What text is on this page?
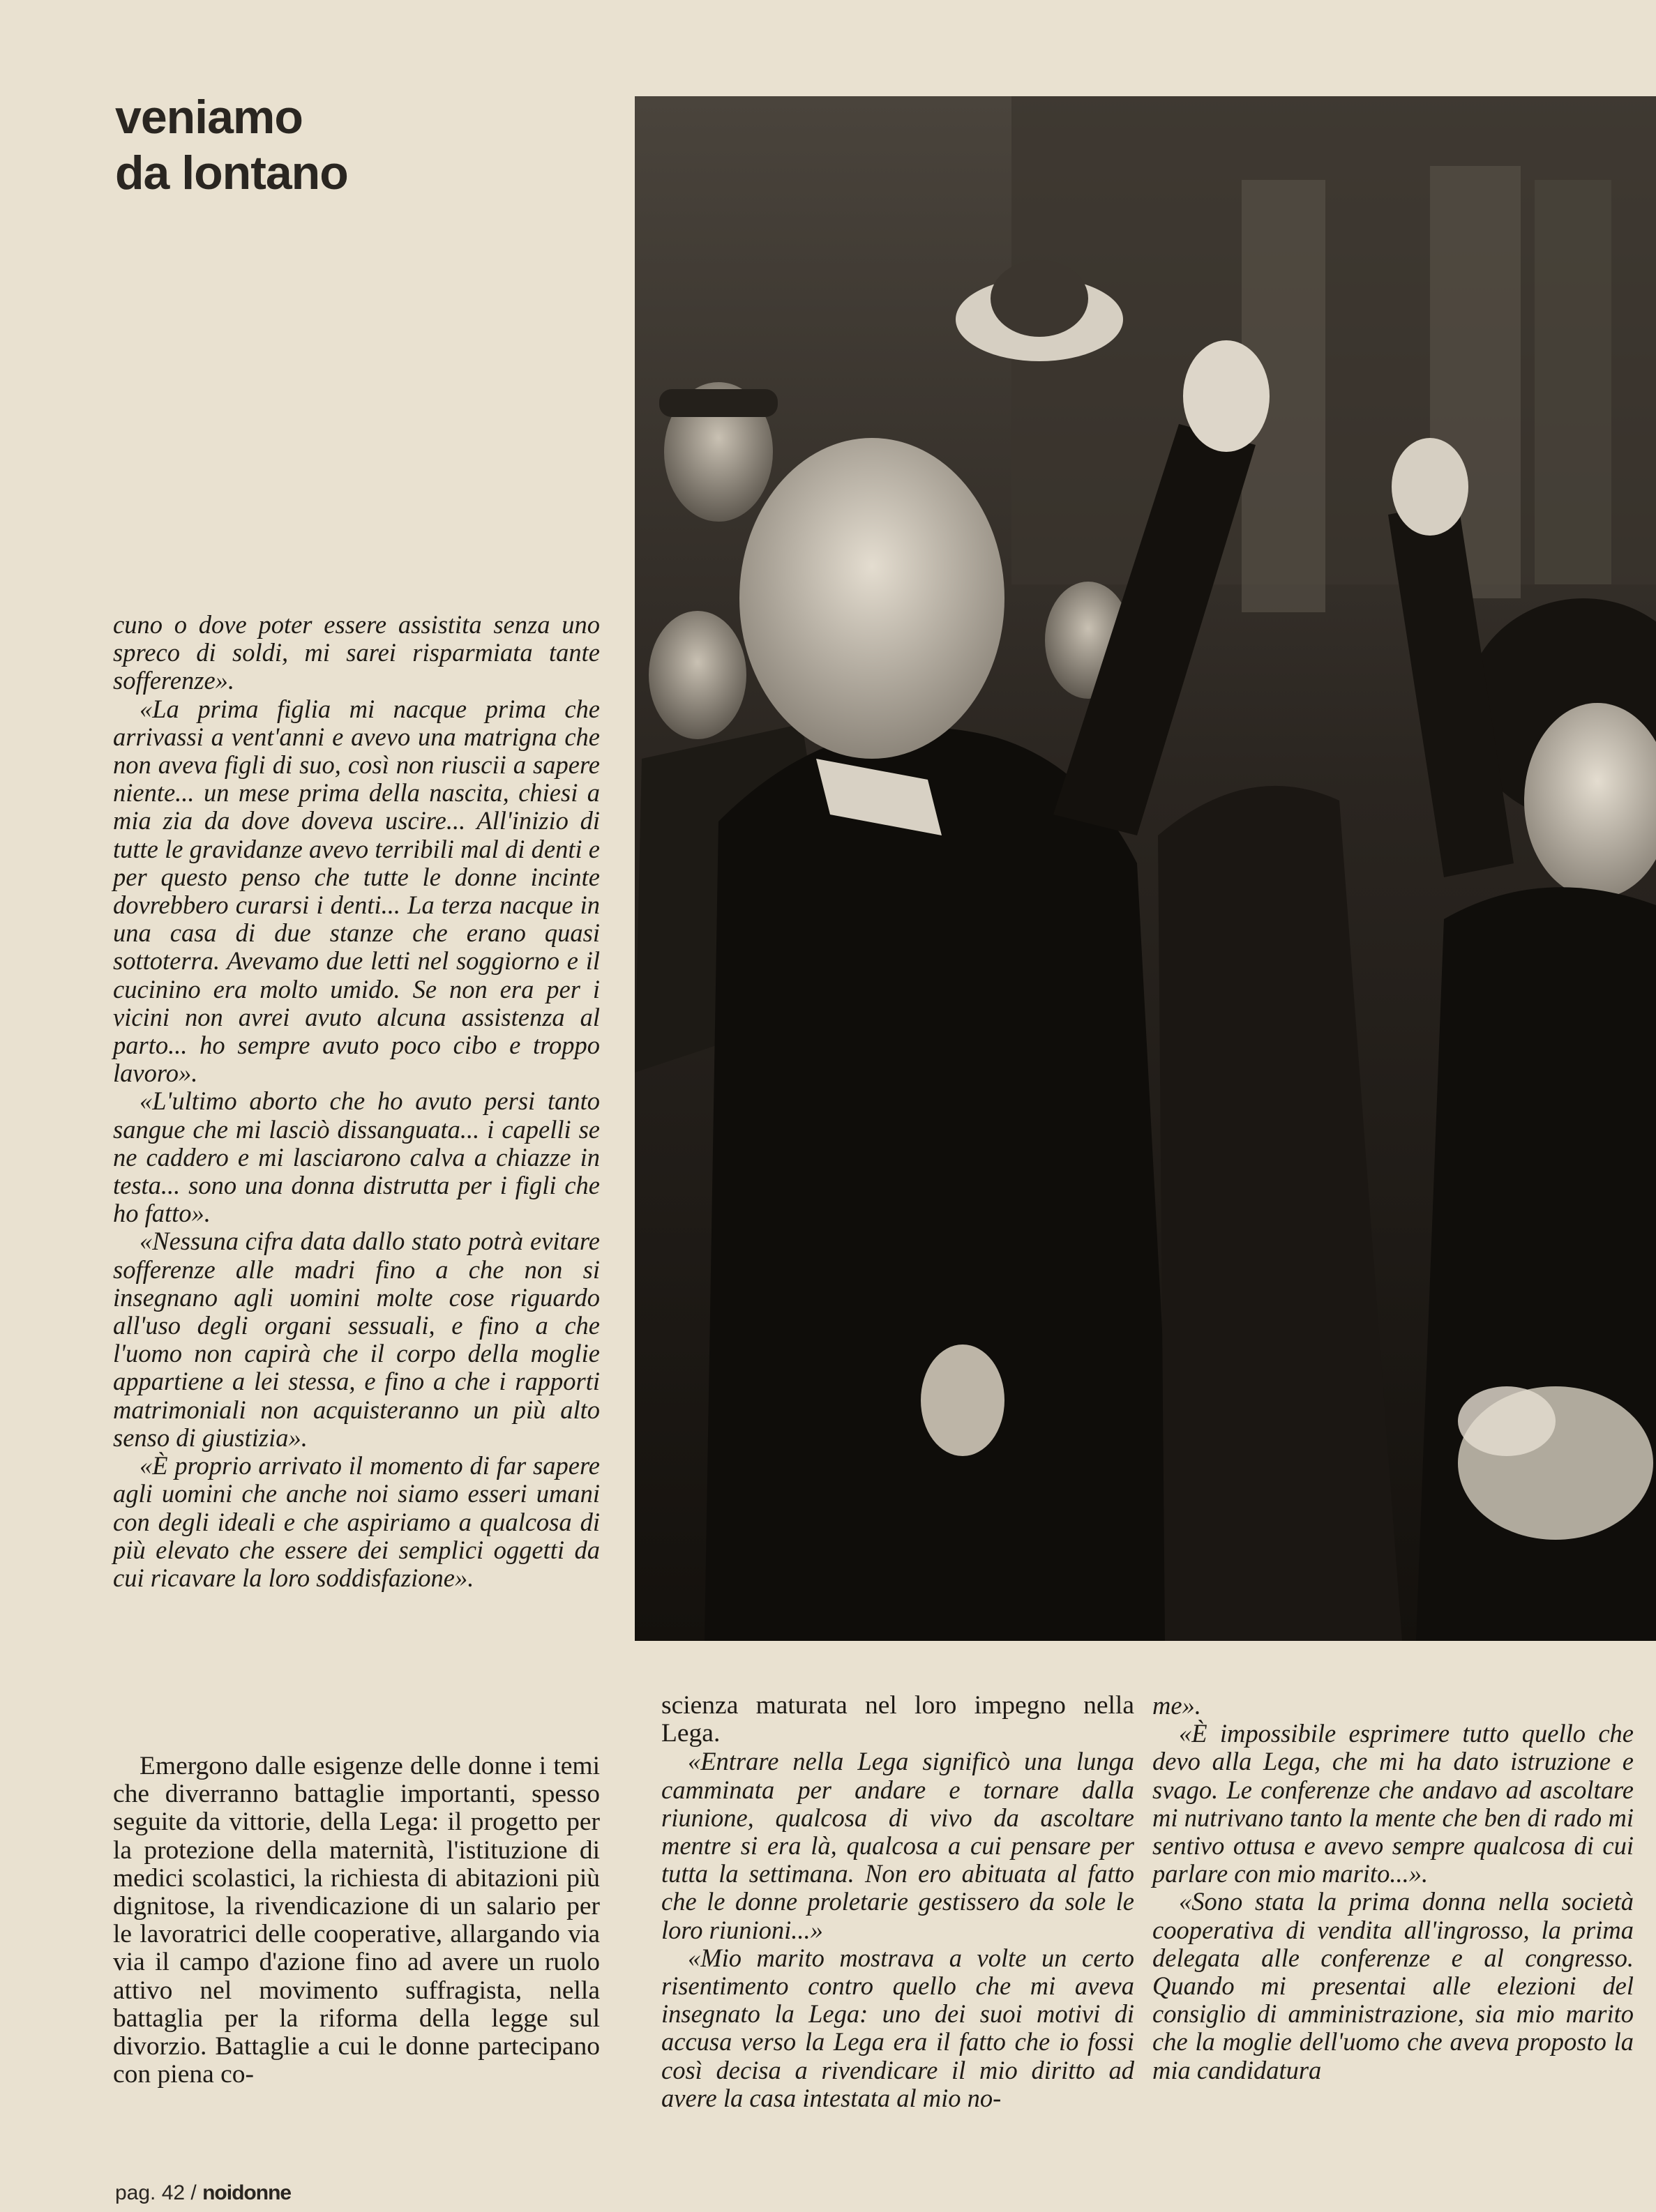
veniamo
da lontano

cuno o dove poter essere assistita senza uno spreco di soldi, mi sarei risparmiata tante sofferenze».

«La prima figlia mi nacque prima che arrivassi a vent'anni e avevo una matrigna che non aveva figli di suo, così non riuscii a sapere niente... un mese prima della nascita, chiesi a mia zia da dove doveva uscire... All'inizio di tutte le gravidanze avevo terribili mal di denti e per questo penso che tutte le donne incinte dovrebbero curarsi i denti... La terza nacque in una casa di due stanze che erano quasi sottoterra. Avevamo due letti nel soggiorno e il cucinino era molto umido. Se non era per i vicini non avrei avuto alcuna assistenza al parto... ho sempre avuto poco cibo e troppo lavoro».

«L'ultimo aborto che ho avuto persi tanto sangue che mi lasciò dissanguata... i capelli se ne caddero e mi lasciarono calva a chiazze in testa... sono una donna distrutta per i figli che ho fatto».

«Nessuna cifra data dallo stato potrà evitare sofferenze alle madri fino a che non si insegnano agli uomini molte cose riguardo all'uso degli organi sessuali, e fino a che l'uomo non capirà che il corpo della moglie appartiene a lei stessa, e fino a che i rapporti matrimoniali non acquisteranno un più alto senso di giustizia».

«È proprio arrivato il momento di far sapere agli uomini che anche noi siamo esseri umani con degli ideali e che aspiriamo a qualcosa di più elevato che essere dei semplici oggetti da cui ricavare la loro soddisfazione».

Emergono dalle esigenze delle donne i temi che diverranno battaglie importanti, spesso seguite da vittorie, della Lega: il progetto per la protezione della maternità, l'istituzione di medici scolastici, la richiesta di abitazioni più dignitose, la rivendicazione di un salario per le lavoratrici delle cooperative, allargando via via il campo d'azione fino ad avere un ruolo attivo nel movimento suffragista, nella battaglia per la riforma della legge sul divorzio. Battaglie a cui le donne partecipano con piena co-

scienza maturata nel loro impegno nella Lega.

«Entrare nella Lega significò una lunga camminata per andare e tornare dalla riunione, qualcosa di vivo da ascoltare mentre si era là, qualcosa a cui pensare per tutta la settimana. Non ero abituata al fatto che le donne proletarie gestissero da sole le loro riunioni...»

«Mio marito mostrava a volte un certo risentimento contro quello che mi aveva insegnato la Lega: uno dei suoi motivi di accusa verso la Lega era il fatto che io fossi così decisa a rivendicare il mio diritto ad avere la casa intestata al mio no-

me».

«È impossibile esprimere tutto quello che devo alla Lega, che mi ha dato istruzione e svago. Le conferenze che andavo ad ascoltare mi nutrivano tanto la mente che ben di rado mi sentivo ottusa e avevo sempre qualcosa di cui parlare con mio marito...».

«Sono stata la prima donna nella società cooperativa di vendita all'ingrosso, la prima delegata alle conferenze e al congresso. Quando mi presentai alle elezioni del consiglio di amministrazione, sia mio marito che la moglie dell'uomo che aveva proposto la mia candidatura

pag. 42 / noidonne
